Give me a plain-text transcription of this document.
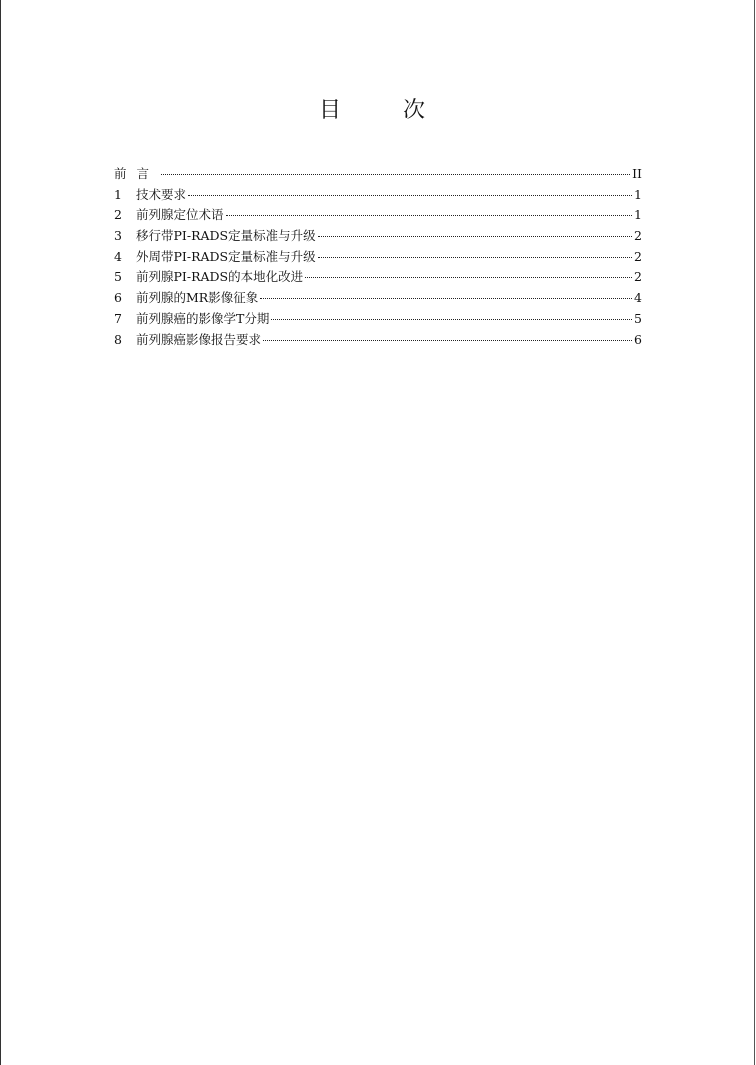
目　次
前言	II
1	技术要求	1
2	前列腺定位术语	1
3	移行带PI-RADS定量标准与升级	2
4	外周带PI-RADS定量标准与升级	2
5	前列腺PI-RADS的本地化改进	2
6	前列腺的MR影像征象	4
7	前列腺癌的影像学T分期	5
8	前列腺癌影像报告要求	6
